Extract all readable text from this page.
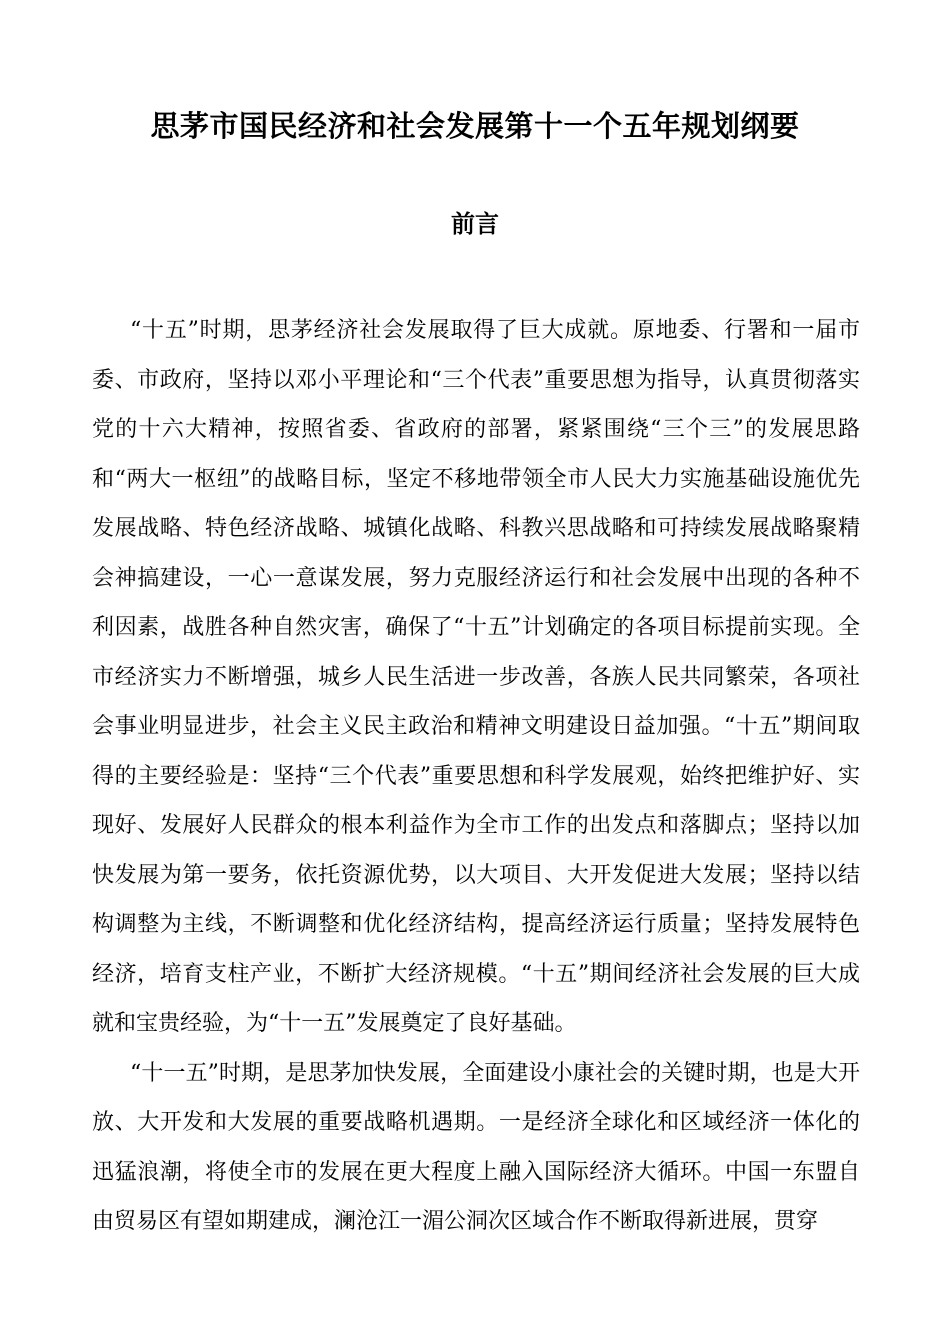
思茅市国民经济和社会发展第十一个五年规划纲要
前言

“十五”时期，思茅经济社会发展取得了巨大成就。原地委、行署和一届市委、市政府，坚持以邓小平理论和“三个代表”重要思想为指导，认真贯彻落实党的十六大精神，按照省委、省政府的部署，紧紧围绕“三个三”的发展思路和“两大一枢纽”的战略目标，坚定不移地带领全市人民大力实施基础设施优先发展战略、特色经济战略、城镇化战略、科教兴思战略和可持续发展战略聚精会神搞建设，一心一意谋发展，努力克服经济运行和社会发展中出现的各种不利因素，战胜各种自然灾害，确保了“十五”计划确定的各项目标提前实现。全市经济实力不断增强，城乡人民生活进一步改善，各族人民共同繁荣，各项社会事业明显进步，社会主义民主政治和精神文明建设日益加强。“十五”期间取得的主要经验是：坚持“三个代表”重要思想和科学发展观，始终把维护好、实现好、发展好人民群众的根本利益作为全市工作的出发点和落脚点；坚持以加快发展为第一要务，依托资源优势，以大项目、大开发促进大发展；坚持以结构调整为主线，不断调整和优化经济结构，提高经济运行质量；坚持发展特色经济，培育支柱产业，不断扩大经济规模。“十五”期间经济社会发展的巨大成就和宝贵经验，为“十一五”发展奠定了良好基础。

“十一五”时期，是思茅加快发展，全面建设小康社会的关键时期，也是大开放、大开发和大发展的重要战略机遇期。一是经济全球化和区域经济一体化的迅猛浪潮，将使全市的发展在更大程度上融入国际经济大循环。中国一东盟自由贸易区有望如期建成，澜沧江一湄公洞次区域合作不断取得新进展，贯穿
